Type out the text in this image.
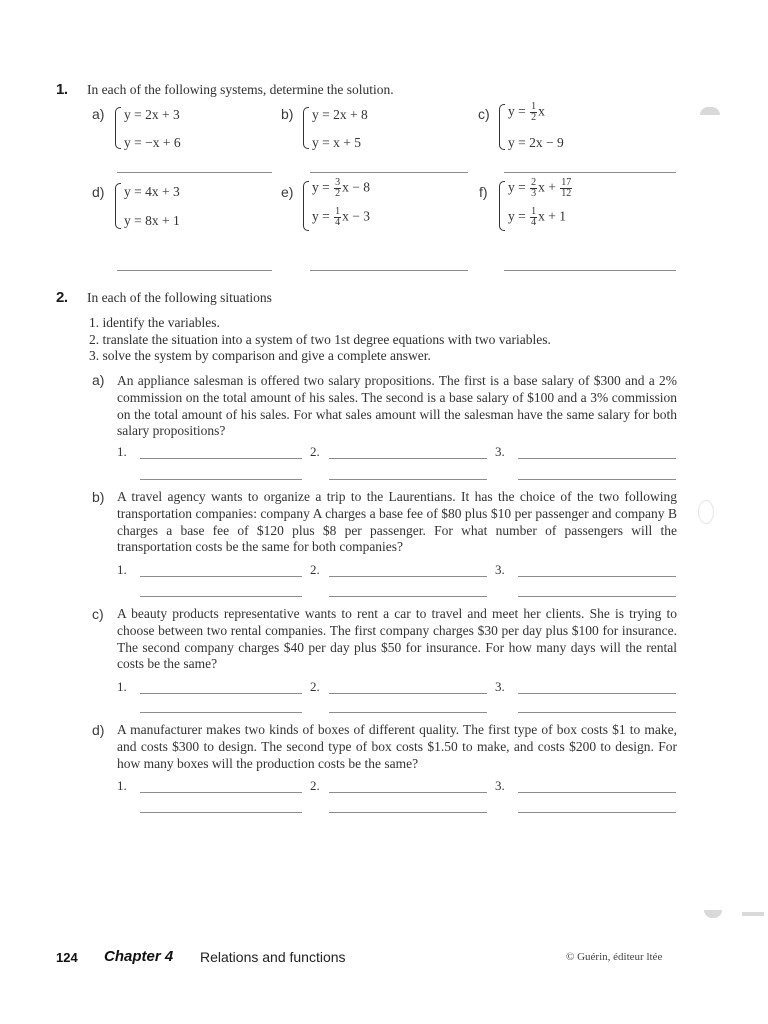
1. In each of the following systems, determine the solution.
a) y = 2x + 3
y = −x + 6
b) y = 2x + 8
y = x + 5
c) $y = \frac{1}{2}$ x
y = 2x − 9
d) y = 4x + 3
y = 8x + 1
e) $y = \frac{3}{2}$ x − 8
$y = \frac{1}{4}$ x − 3
f) $y = \frac{2}{3}$ $x + \frac{17}{12}$
$y = \frac{1}{4}$ x + 1
2. In each of the following situations
1. identify the variables.
2. translate the situation into a system of two 1st degree equations with two variables.
3. solve the system by comparison and give a complete answer.
a) An appliance salesman is offered two salary propositions. The first is a base salary of $300 and a 2% commission on the total amount of his sales. The second is a base salary of $100 and a 3% commission on the total amount of his sales. For what sales amount will the salesman have the same salary for both salary propositions?
1.	2.	3.
b) A travel agency wants to organize a trip to the Laurentians. It has the choice of the two following transportation companies: company A charges a base fee of $80 plus $10 per passenger and company B charges a base fee of $120 plus $8 per passenger. For what number of passengers will the transportation costs be the same for both companies?
1.	2.	3.
c) A beauty products representative wants to rent a car to travel and meet her clients. She is trying to choose between two rental companies. The first company charges $30 per day plus $100 for insurance. The second company charges $40 per day plus $50 for insurance. For how many days will the rental costs be the same?
1.	2.	3.
d) A manufacturer makes two kinds of boxes of different quality. The first type of box costs $1 to make, and costs $300 to design. The second type of box costs $1.50 to make, and costs $200 to design. For how many boxes will the production costs be the same?
1.	2.	3.
124 Chapter 4 Relations and functions	© Guérin, éditeur ltée
